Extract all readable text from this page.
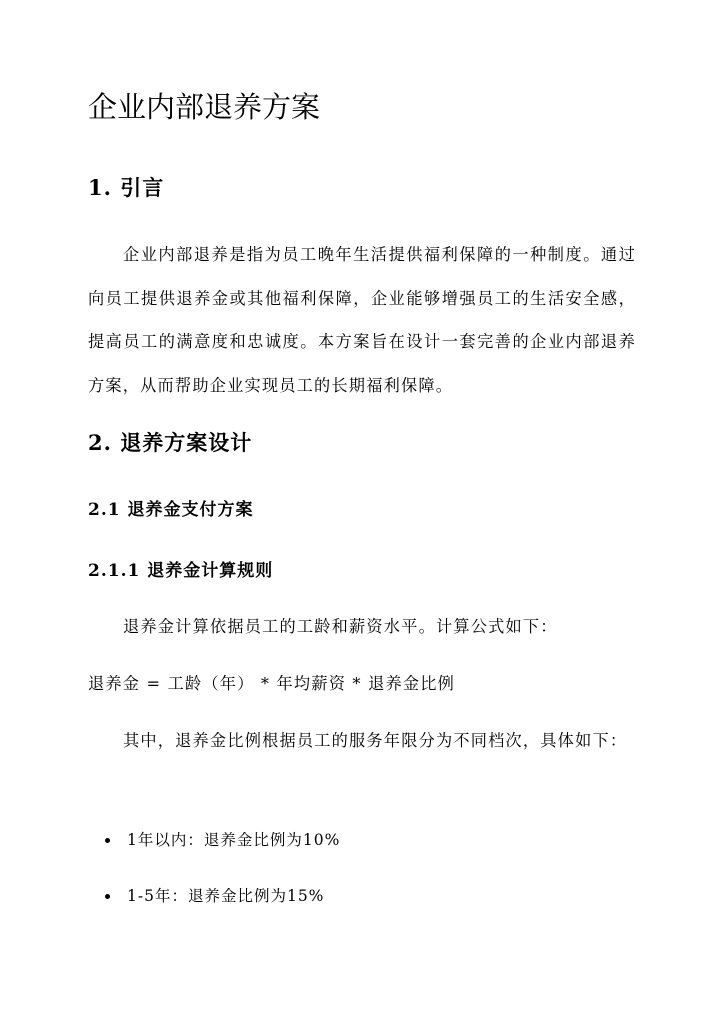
企业内部退养方案
1. 引言

企业内部退养是指为员工晚年生活提供福利保障的一种制度。通过向员工提供退养金或其他福利保障，企业能够增强员工的生活安全感，提高员工的满意度和忠诚度。本方案旨在设计一套完善的企业内部退养方案，从而帮助企业实现员工的长期福利保障。

2. 退养方案设计
2.1 退养金支付方案
2.1.1 退养金计算规则

退养金计算依据员工的工龄和薪资水平。计算公式如下：

退养金 = 工龄（年） * 年均薪资 * 退养金比例

其中，退养金比例根据员工的服务年限分为不同档次，具体如下：

1年以内：退养金比例为10%

1-5年：退养金比例为15%
